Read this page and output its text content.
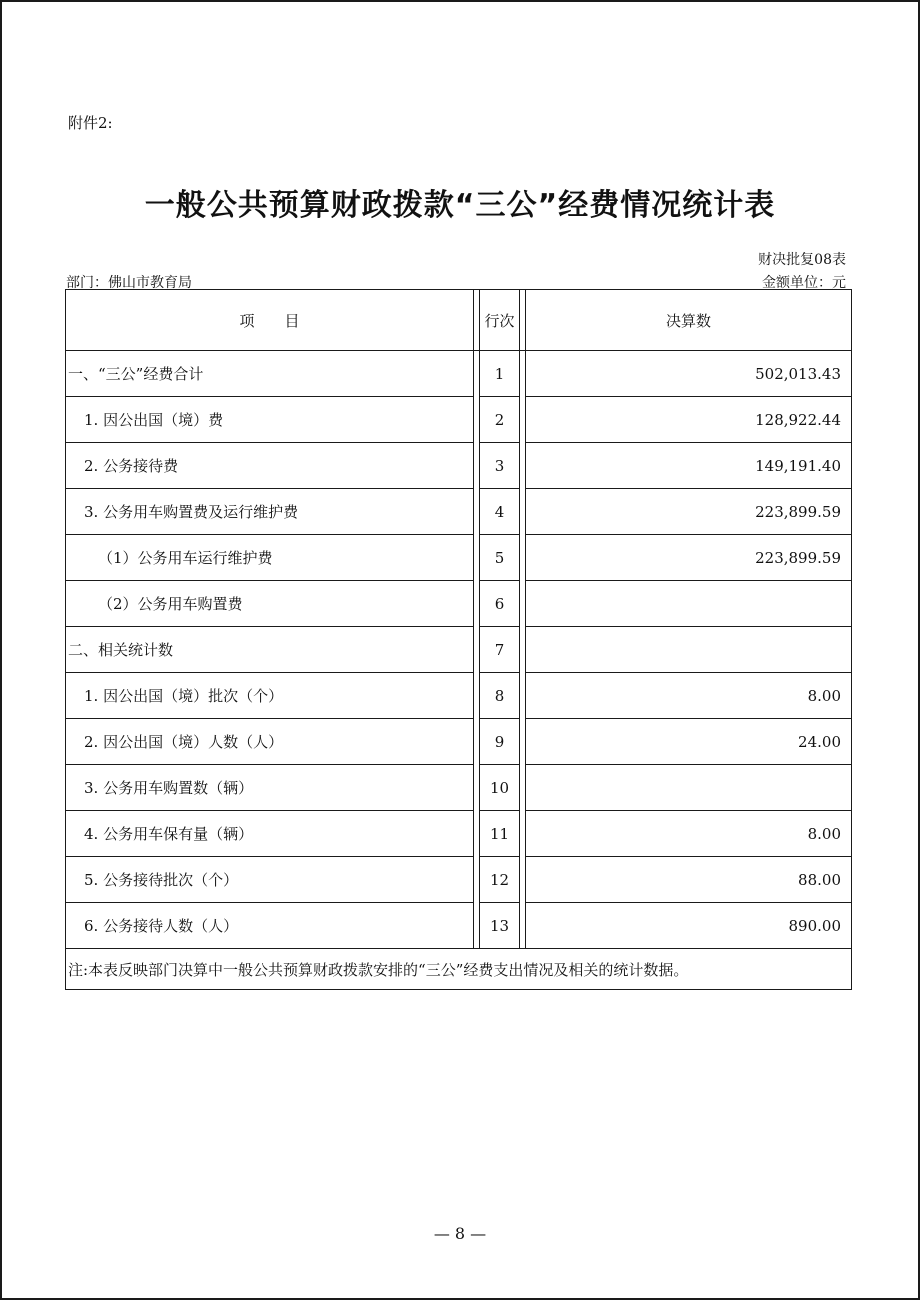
附件2:
一般公共预算财政拨款“三公”经费情况统计表
财决批复08表
部门：佛山市教育局	金额单位：元
项　　目		行次		决算数
一、“三公”经费合计		1		502,013.43
1. 因公出国（境）费		2		128,922.44
2. 公务接待费		3		149,191.40
3. 公务用车购置费及运行维护费		4		223,899.59
（1）公务用车运行维护费		5		223,899.59
（2）公务用车购置费		6		
二、相关统计数		7		
1. 因公出国（境）批次（个）		8		8.00
2. 因公出国（境）人数（人）		9		24.00
3. 公务用车购置数（辆）		10		
4. 公务用车保有量（辆）		11		8.00
5. 公务接待批次（个）		12		88.00
6. 公务接待人数（人）		13		890.00
注:本表反映部门决算中一般公共预算财政拨款安排的“三公”经费支出情况及相关的统计数据。				
— 8 —
